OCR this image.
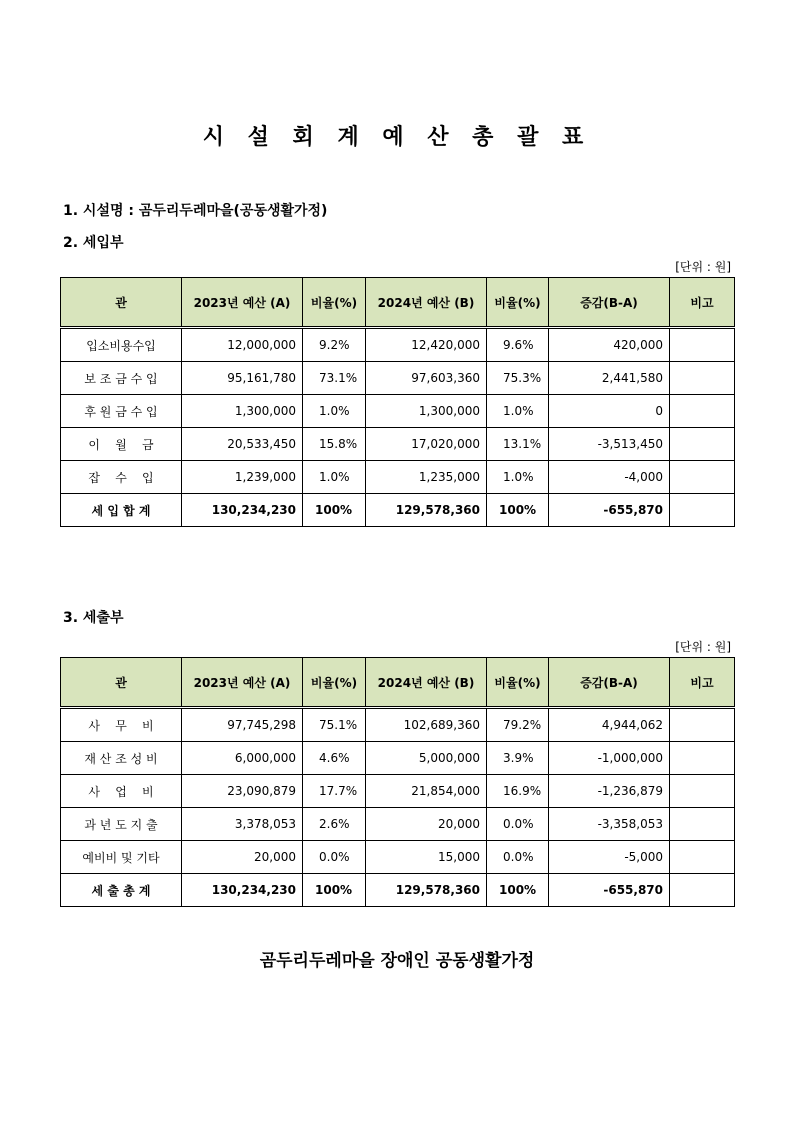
시 설 회 계 예 산 총 괄 표
1. 시설명 : 곰두리두레마을(공동생활가정)
2. 세입부
[단위 : 원]
관	2023년 예산 (A)	비율(%)	2024년 예산 (B)	비율(%)	증감(B-A)	비고
입소비용수입	12,000,000	9.2%	12,420,000	9.6%	420,000	
보 조 금 수 입	95,161,780	73.1%	97,603,360	75.3%	2,441,580	
후 원 금 수 입	1,300,000	1.0%	1,300,000	1.0%	0	
이    월    금	20,533,450	15.8%	17,020,000	13.1%	-3,513,450	
잡    수    입	1,239,000	1.0%	1,235,000	1.0%	-4,000	
세 입 합 계	130,234,230	100%	129,578,360	100%	-655,870	
3. 세출부
[단위 : 원]
관	2023년 예산 (A)	비율(%)	2024년 예산 (B)	비율(%)	증감(B-A)	비고
사    무    비	97,745,298	75.1%	102,689,360	79.2%	4,944,062	
재 산 조 성 비	6,000,000	4.6%	5,000,000	3.9%	-1,000,000	
사    업    비	23,090,879	17.7%	21,854,000	16.9%	-1,236,879	
과 년 도 지 출	3,378,053	2.6%	20,000	0.0%	-3,358,053	
예비비 및 기타	20,000	0.0%	15,000	0.0%	-5,000	
세 출 총 계	130,234,230	100%	129,578,360	100%	-655,870	
곰두리두레마을 장애인 공동생활가정
